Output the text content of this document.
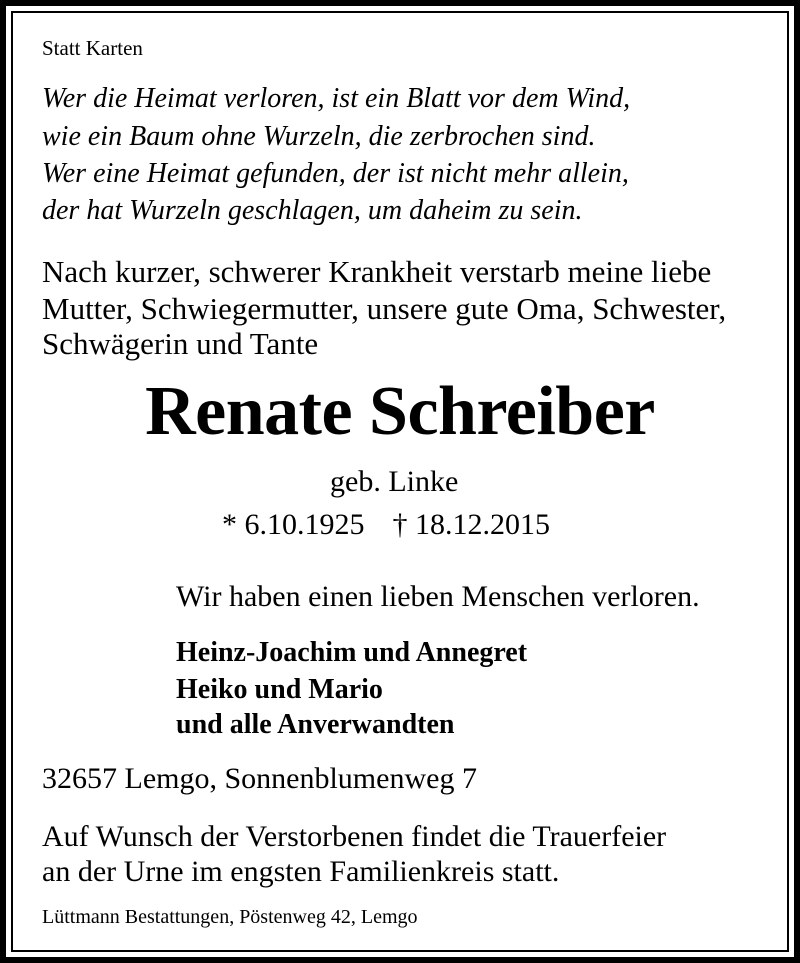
Statt Karten
Wer die Heimat verloren, ist ein Blatt vor dem Wind,
wie ein Baum ohne Wurzeln, die zerbrochen sind.
Wer eine Heimat gefunden, der ist nicht mehr allein,
der hat Wurzeln geschlagen, um daheim zu sein.
Nach kurzer, schwerer Krankheit verstarb meine liebe
Mutter, Schwiegermutter, unsere gute Oma, Schwester,
Schwägerin und Tante
Renate Schreiber
geb. Linke
* 6.10.1925 † 18.12.2015
Wir haben einen lieben Menschen verloren.
Heinz-Joachim und Annegret
Heiko und Mario
und alle Anverwandten
32657 Lemgo, Sonnenblumenweg 7
Auf Wunsch der Verstorbenen findet die Trauerfeier
an der Urne im engsten Familienkreis statt.
Lüttmann Bestattungen, Pöstenweg 42, Lemgo
